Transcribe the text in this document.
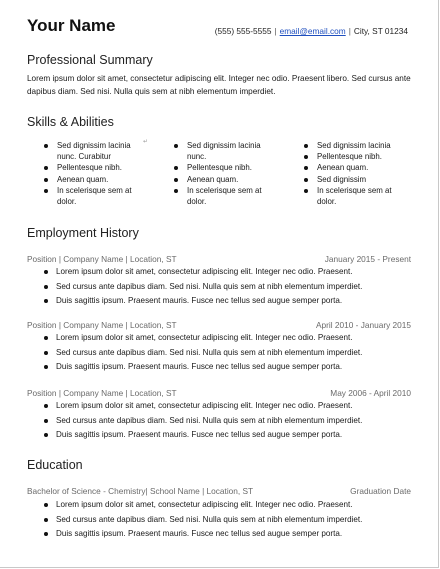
Your Name	(555) 555-5555 | email@email.com | City, ST 01234
Professional Summary
Lorem ipsum dolor sit amet, consectetur adipiscing elit. Integer nec odio. Praesent libero. Sed cursus ante dapibus diam. Sed nisi. Nulla quis sem at nibh elementum imperdiet.
Skills & Abilities
↵
Sed dignissim lacinia nunc. Curabitur
Pellentesque nibh.
Aenean quam.
In scelerisque sem at dolor.
Sed dignissim lacinia nunc.
Pellentesque nibh.
Aenean quam.
In scelerisque sem at dolor.
Sed dignissim lacinia
Pellentesque nibh.
Aenean quam.
Sed dignissim
In scelerisque sem at dolor.
Employment History
Position | Company Name | Location, ST	January 2015 - Present
Lorem ipsum dolor sit amet, consectetur adipiscing elit. Integer nec odio. Praesent.
Sed cursus ante dapibus diam. Sed nisi. Nulla quis sem at nibh elementum imperdiet.
Duis sagittis ipsum. Praesent mauris. Fusce nec tellus sed augue semper porta.
Position | Company Name | Location, ST	April 2010 - January 2015
Lorem ipsum dolor sit amet, consectetur adipiscing elit. Integer nec odio. Praesent.
Sed cursus ante dapibus diam. Sed nisi. Nulla quis sem at nibh elementum imperdiet.
Duis sagittis ipsum. Praesent mauris. Fusce nec tellus sed augue semper porta.
Position | Company Name | Location, ST	May 2006 - April 2010
Lorem ipsum dolor sit amet, consectetur adipiscing elit. Integer nec odio. Praesent.
Sed cursus ante dapibus diam. Sed nisi. Nulla quis sem at nibh elementum imperdiet.
Duis sagittis ipsum. Praesent mauris. Fusce nec tellus sed augue semper porta.
Education
Bachelor of Science - Chemistry| School Name | Location, ST	Graduation Date
Lorem ipsum dolor sit amet, consectetur adipiscing elit. Integer nec odio. Praesent.
Sed cursus ante dapibus diam. Sed nisi. Nulla quis sem at nibh elementum imperdiet.
Duis sagittis ipsum. Praesent mauris. Fusce nec tellus sed augue semper porta.
